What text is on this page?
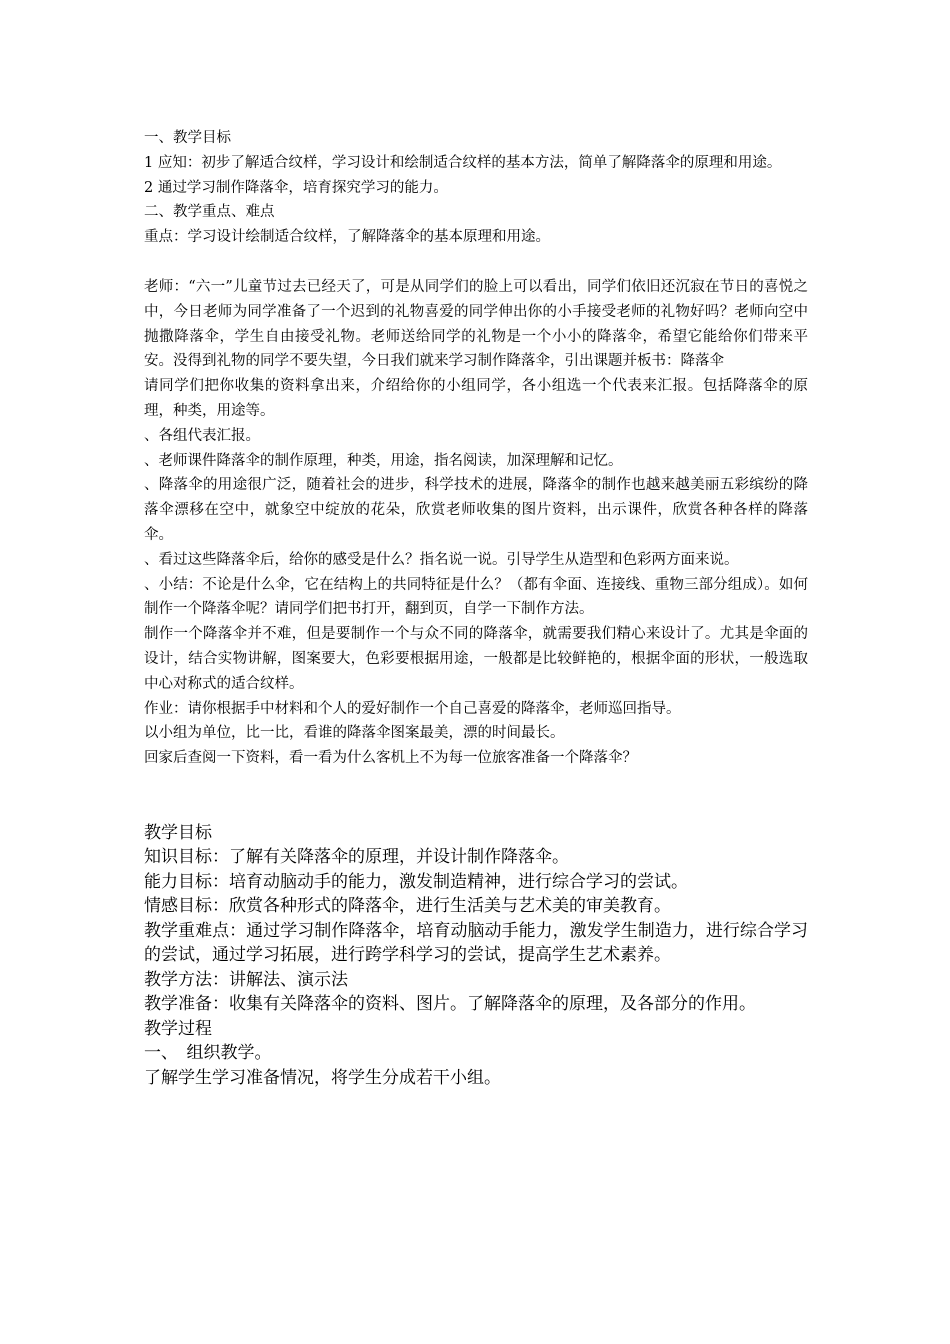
一、教学目标

1 应知：初步了解适合纹样，学习设计和绘制适合纹样的基本方法，简单了解降落伞的原理和用途。

2 通过学习制作降落伞，培育探究学习的能力。

二、教学重点、难点

重点：学习设计绘制适合纹样，了解降落伞的基本原理和用途。

老师：“六一”儿童节过去已经天了，可是从同学们的脸上可以看出，同学们依旧还沉寂在节日的喜悦之中，今日老师为同学准备了一个迟到的礼物喜爱的同学伸出你的小手接受老师的礼物好吗？老师向空中抛撒降落伞，学生自由接受礼物。老师送给同学的礼物是一个小小的降落伞，希望它能给你们带来平安。没得到礼物的同学不要失望，今日我们就来学习制作降落伞，引出课题并板书：降落伞

请同学们把你收集的资料拿出来，介绍给你的小组同学，各小组选一个代表来汇报。包括降落伞的原理，种类，用途等。

、各组代表汇报。

、老师课件降落伞的制作原理，种类，用途，指名阅读，加深理解和记忆。

、降落伞的用途很广泛，随着社会的进步，科学技术的进展，降落伞的制作也越来越美丽五彩缤纷的降落伞漂移在空中，就象空中绽放的花朵，欣赏老师收集的图片资料，出示课件，欣赏各种各样的降落伞。

、看过这些降落伞后，给你的感受是什么？指名说一说。引导学生从造型和色彩两方面来说。

、小结：不论是什么伞，它在结构上的共同特征是什么？（都有伞面、连接线、重物三部分组成）。如何制作一个降落伞呢？请同学们把书打开，翻到页，自学一下制作方法。

制作一个降落伞并不难，但是要制作一个与众不同的降落伞，就需要我们精心来设计了。尤其是伞面的设计，结合实物讲解，图案要大，色彩要根据用途，一般都是比较鲜艳的，根据伞面的形状，一般选取中心对称式的适合纹样。

作业：请你根据手中材料和个人的爱好制作一个自己喜爱的降落伞，老师巡回指导。

以小组为单位，比一比，看谁的降落伞图案最美，漂的时间最长。

回家后查阅一下资料，看一看为什么客机上不为每一位旅客准备一个降落伞？

教学目标

知识目标：了解有关降落伞的原理，并设计制作降落伞。

能力目标：培育动脑动手的能力，激发制造精神，进行综合学习的尝试。

情感目标：欣赏各种形式的降落伞，进行生活美与艺术美的审美教育。

教学重难点：通过学习制作降落伞，培育动脑动手能力，激发学生制造力，进行综合学习的尝试，通过学习拓展，进行跨学科学习的尝试，提高学生艺术素养。

教学方法：讲解法、演示法

教学准备：收集有关降落伞的资料、图片。了解降落伞的原理，及各部分的作用。

教学过程

一、　组织教学。

了解学生学习准备情况，将学生分成若干小组。
